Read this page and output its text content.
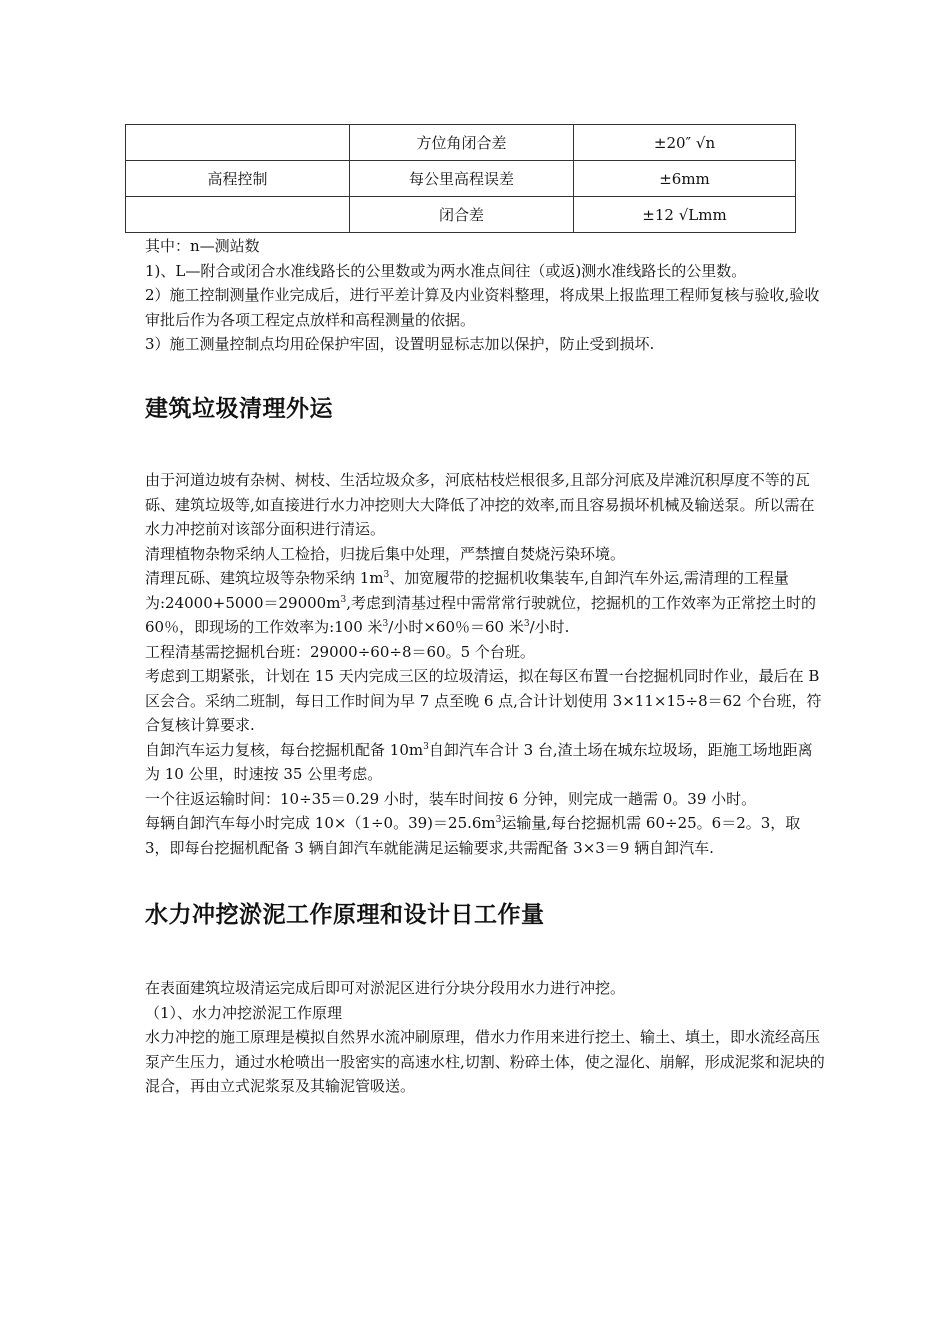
	方位角闭合差	±20″ √n
高程控制	每公里高程误差	±6mm
	闭合差	±12 √Lmm

其中：n—测站数

1)、L—附合或闭合水准线路长的公里数或为两水准点间往（或返)测水准线路长的公里数。

2）施工控制测量作业完成后，进行平差计算及内业资料整理，将成果上报监理工程师复核与验收,验收审批后作为各项工程定点放样和高程测量的依据。

3）施工测量控制点均用砼保护牢固，设置明显标志加以保护，防止受到损坏.

建筑垃圾清理外运

由于河道边坡有杂树、树枝、生活垃圾众多，河底枯枝烂根很多,且部分河底及岸滩沉积厚度不等的瓦砾、建筑垃圾等,如直接进行水力冲挖则大大降低了冲挖的效率,而且容易损坏机械及输送泵。所以需在水力冲挖前对该部分面积进行清运。

清理植物杂物采纳人工检拾，归拢后集中处理，严禁擅自焚烧污染环境。

清理瓦砾、建筑垃圾等杂物采纳 $1m^3$、加宽履带的挖掘机收集装车,自卸汽车外运,需清理的工程量为$:24000+5000=29000m^3$,考虑到清基过程中需常常行驶就位，挖掘机的工作效率为正常挖土时的 60％，即现场的工作效率为:100 米$^3$/小时×60％＝60 米$^3$/小时.

工程清基需挖掘机台班：29000÷60÷8＝60。5 个台班。

考虑到工期紧张，计划在 15 天内完成三区的垃圾清运，拟在每区布置一台挖掘机同时作业，最后在 B 区会合。采纳二班制，每日工作时间为早 7 点至晚 6 点,合计计划使用 3×11×15÷8＝62 个台班，符合复核计算要求.

自卸汽车运力复核，每台挖掘机配备 $10m^3$自卸汽车合计 3 台,渣土场在城东垃圾场，距施工场地距离为 10 公里，时速按 35 公里考虑。

一个往返运输时间：10÷35＝0.29 小时，装车时间按 6 分钟，则完成一趟需 0。39 小时。

每辆自卸汽车每小时完成 10×（1÷0。$39)=25.6m^3$运输量,每台挖掘机需 60÷25。6＝2。3，取 3，即每台挖掘机配备 3 辆自卸汽车就能满足运输要求,共需配备 3×3＝9 辆自卸汽车.

水力冲挖淤泥工作原理和设计日工作量

在表面建筑垃圾清运完成后即可对淤泥区进行分块分段用水力进行冲挖。

（1）、水力冲挖淤泥工作原理

水力冲挖的施工原理是模拟自然界水流冲刷原理，借水力作用来进行挖土、输土、填土，即水流经高压泵产生压力，通过水枪喷出一股密实的高速水柱,切割、粉碎土体，使之湿化、崩解，形成泥浆和泥块的混合，再由立式泥浆泵及其输泥管吸送。
